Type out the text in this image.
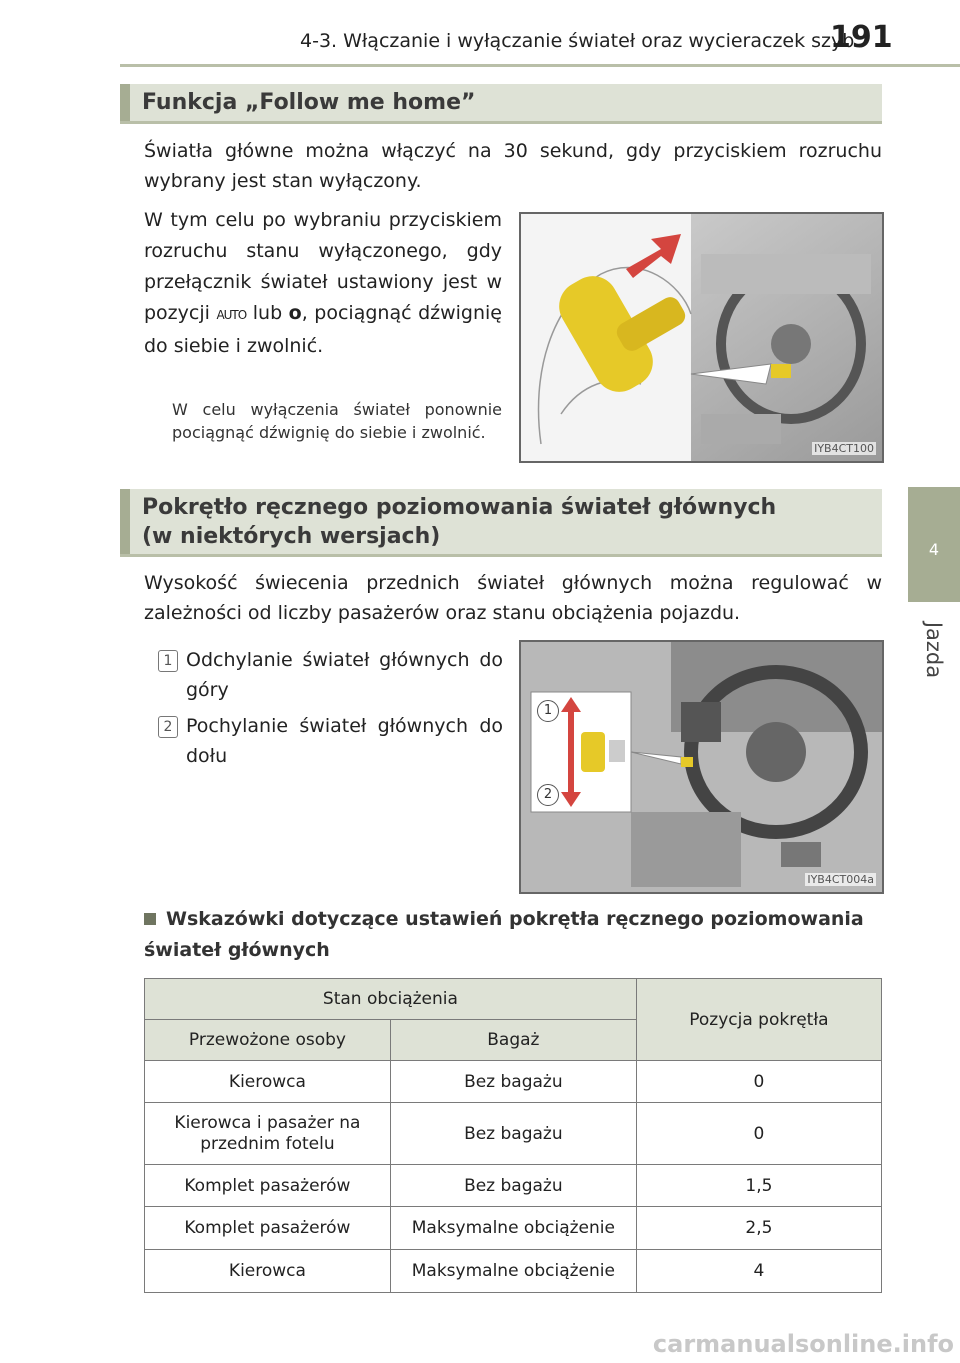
4-3. Włączanie i wyłączanie świateł oraz wycieraczek szyb
191
4
Jazda
Funkcja „Follow me home”

Światła główne można włączyć na 30 sekund, gdy przyciskiem rozruchu wybrany jest stan wyłączony.

W tym celu po wybraniu przyciskiem rozruchu stanu wyłączonego, gdy przełącznik świateł ustawiony jest w pozycji AUTO lub o, pociągnąć dźwignię do siebie i zwolnić.

W celu wyłączenia świateł ponownie pociągnąć dźwignię do siebie i zwolnić.

IYB4CT100
Pokrętło ręcznego poziomowania świateł głównych
(w niektórych wersjach)

Wysokość świecenia przednich świateł głównych można regulować w zależności od liczby pasażerów oraz stanu obciążenia pojazdu.

1 Odchylanie świateł głównych do góry
2 Pochylanie świateł głównych do dołu
1
2
IYB4CT004a
Wskazówki dotyczące ustawień pokrętła ręcznego poziomowania świateł głównych
Stan obciążenia		Pozycja pokrętła
Przewożone osoby	Bagaż	
Kierowca	Bez bagażu	0
Kierowca i pasażer na przednim fotelu	Bez bagażu	0
Komplet pasażerów	Bez bagażu	1,5
Komplet pasażerów	Maksymalne obciążenie	2,5
Kierowca	Maksymalne obciążenie	4
carmanualsonline.info
